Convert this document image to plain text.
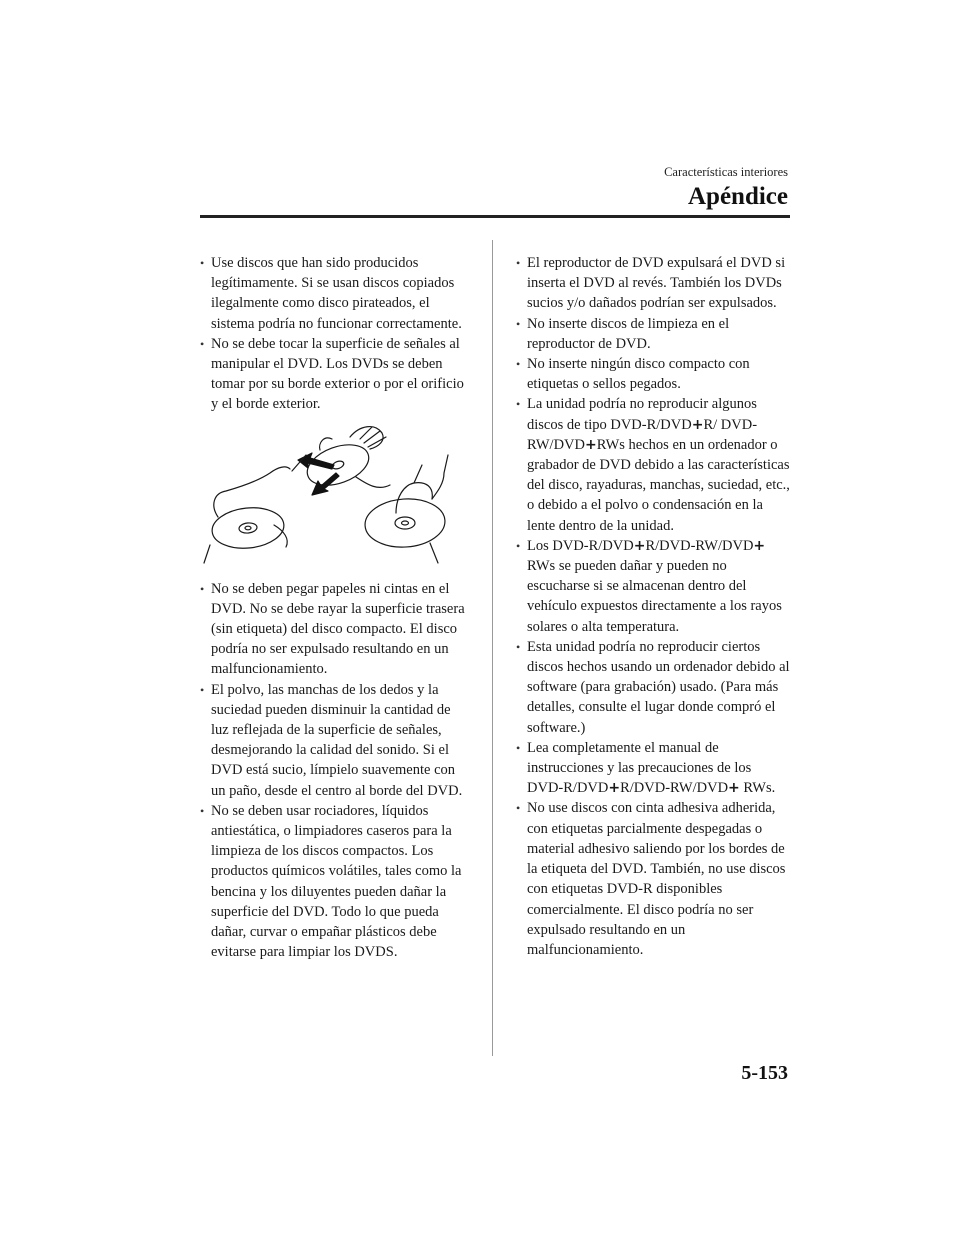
Características interiores
Apéndice
• Use discos que han sido producidos legítimamente. Si se usan discos copiados ilegalmente como disco pirateados, el sistema podría no funcionar correctamente.
• No se debe tocar la superficie de señales al manipular el DVD. Los DVDs se deben tomar por su borde exterior o por el orificio y el borde exterior.
• No se deben pegar papeles ni cintas en el DVD. No se debe rayar la superficie trasera (sin etiqueta) del disco compacto. El disco podría no ser expulsado resultando en un malfuncionamiento.
• El polvo, las manchas de los dedos y la suciedad pueden disminuir la cantidad de luz reflejada de la superficie de señales, desmejorando la calidad del sonido. Si el DVD está sucio, límpielo suavemente con un paño, desde el centro al borde del DVD.
• No se deben usar rociadores, líquidos antiestática, o limpiadores caseros para la limpieza de los discos compactos. Los productos químicos volátiles, tales como la bencina y los diluyentes pueden dañar la superficie del DVD. Todo lo que pueda dañar, curvar o empañar plásticos debe evitarse para limpiar los DVDS.
• El reproductor de DVD expulsará el DVD si inserta el DVD al revés. También los DVDs sucios y/o dañados podrían ser expulsados.
• No inserte discos de limpieza en el reproductor de DVD.
• No inserte ningún disco compacto con etiquetas o sellos pegados.
• La unidad podría no reproducir algunos discos de tipo DVD-R/DVD+R/ DVD-RW/DVD+RWs hechos en un ordenador o grabador de DVD debido a las características del disco, rayaduras, manchas, suciedad, etc., o debido a el polvo o condensación en la lente dentro de la unidad.
• Los DVD-R/DVD+R/DVD-RW/DVD+ RWs se pueden dañar y pueden no escucharse si se almacenan dentro del vehículo expuestos directamente a los rayos solares o alta temperatura.
• Esta unidad podría no reproducir ciertos discos hechos usando un ordenador debido al software (para grabación) usado. (Para más detalles, consulte el lugar donde compró el software.)
• Lea completamente el manual de instrucciones y las precauciones de los DVD-R/DVD+R/DVD-RW/DVD+ RWs.
• No use discos con cinta adhesiva adherida, con etiquetas parcialmente despegadas o material adhesivo saliendo por los bordes de la etiqueta del DVD. También, no use discos con etiquetas DVD-R disponibles comercialmente. El disco podría no ser expulsado resultando en un malfuncionamiento.
5-153
